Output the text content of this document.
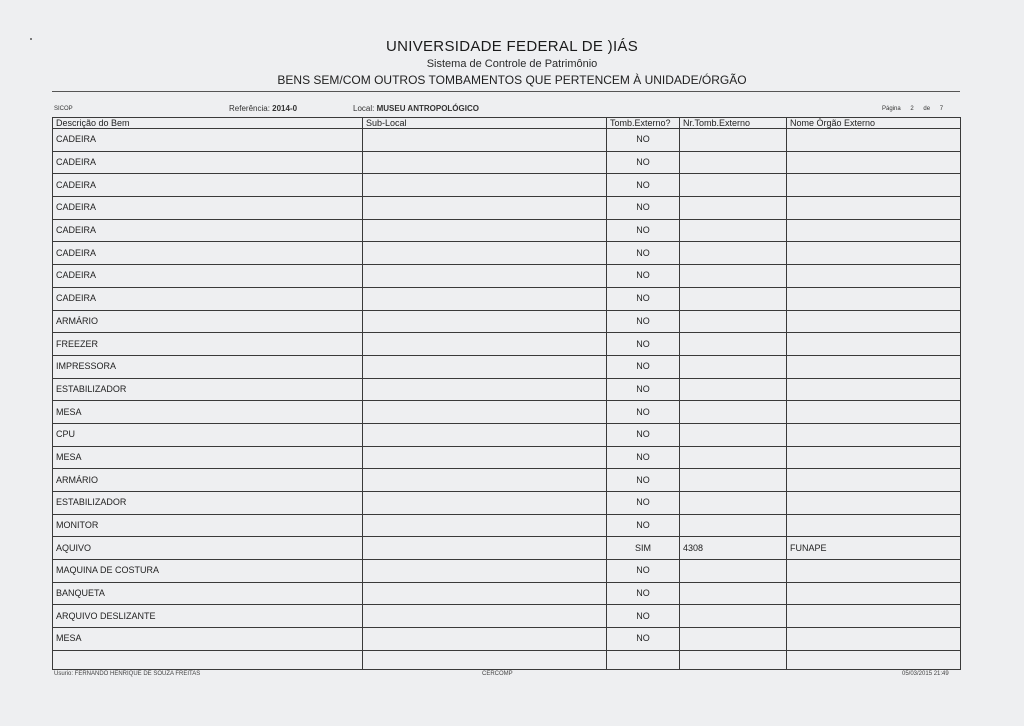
UNIVERSIDADE FEDERAL DE )IÁS
Sistema de Controle de Patrimônio
BENS SEM/COM OUTROS TOMBAMENTOS QUE PERTENCEM À UNIDADE/ÓRGÃO
SICOP	Referência: 2014-0	Local: MUSEU ANTROPOLÓGICO	Página 2 de 7
Descrição do Bem	Sub-Local	Tomb.Externo?	Nr.Tomb.Externo	Nome Órgão Externo
CADEIRA		NO		
CADEIRA		NO		
CADEIRA		NO		
CADEIRA		NO		
CADEIRA		NO		
CADEIRA		NO		
CADEIRA		NO		
CADEIRA		NO		
ARMÁRIO		NO		
FREEZER		NO		
IMPRESSORA		NO		
ESTABILIZADOR		NO		
MESA		NO		
CPU		NO		
MESA		NO		
ARMÁRIO		NO		
ESTABILIZADOR		NO		
MONITOR		NO		
AQUIVO		SIM	4308	FUNAPE
MAQUINA DE COSTURA		NO		
BANQUETA		NO		
ARQUIVO DESLIZANTE		NO		
MESA		NO		

Usurio: FERNANDO HENRIQUE DE SOUZA FREITAS	CERCOMP	05/03/2015 21:49
